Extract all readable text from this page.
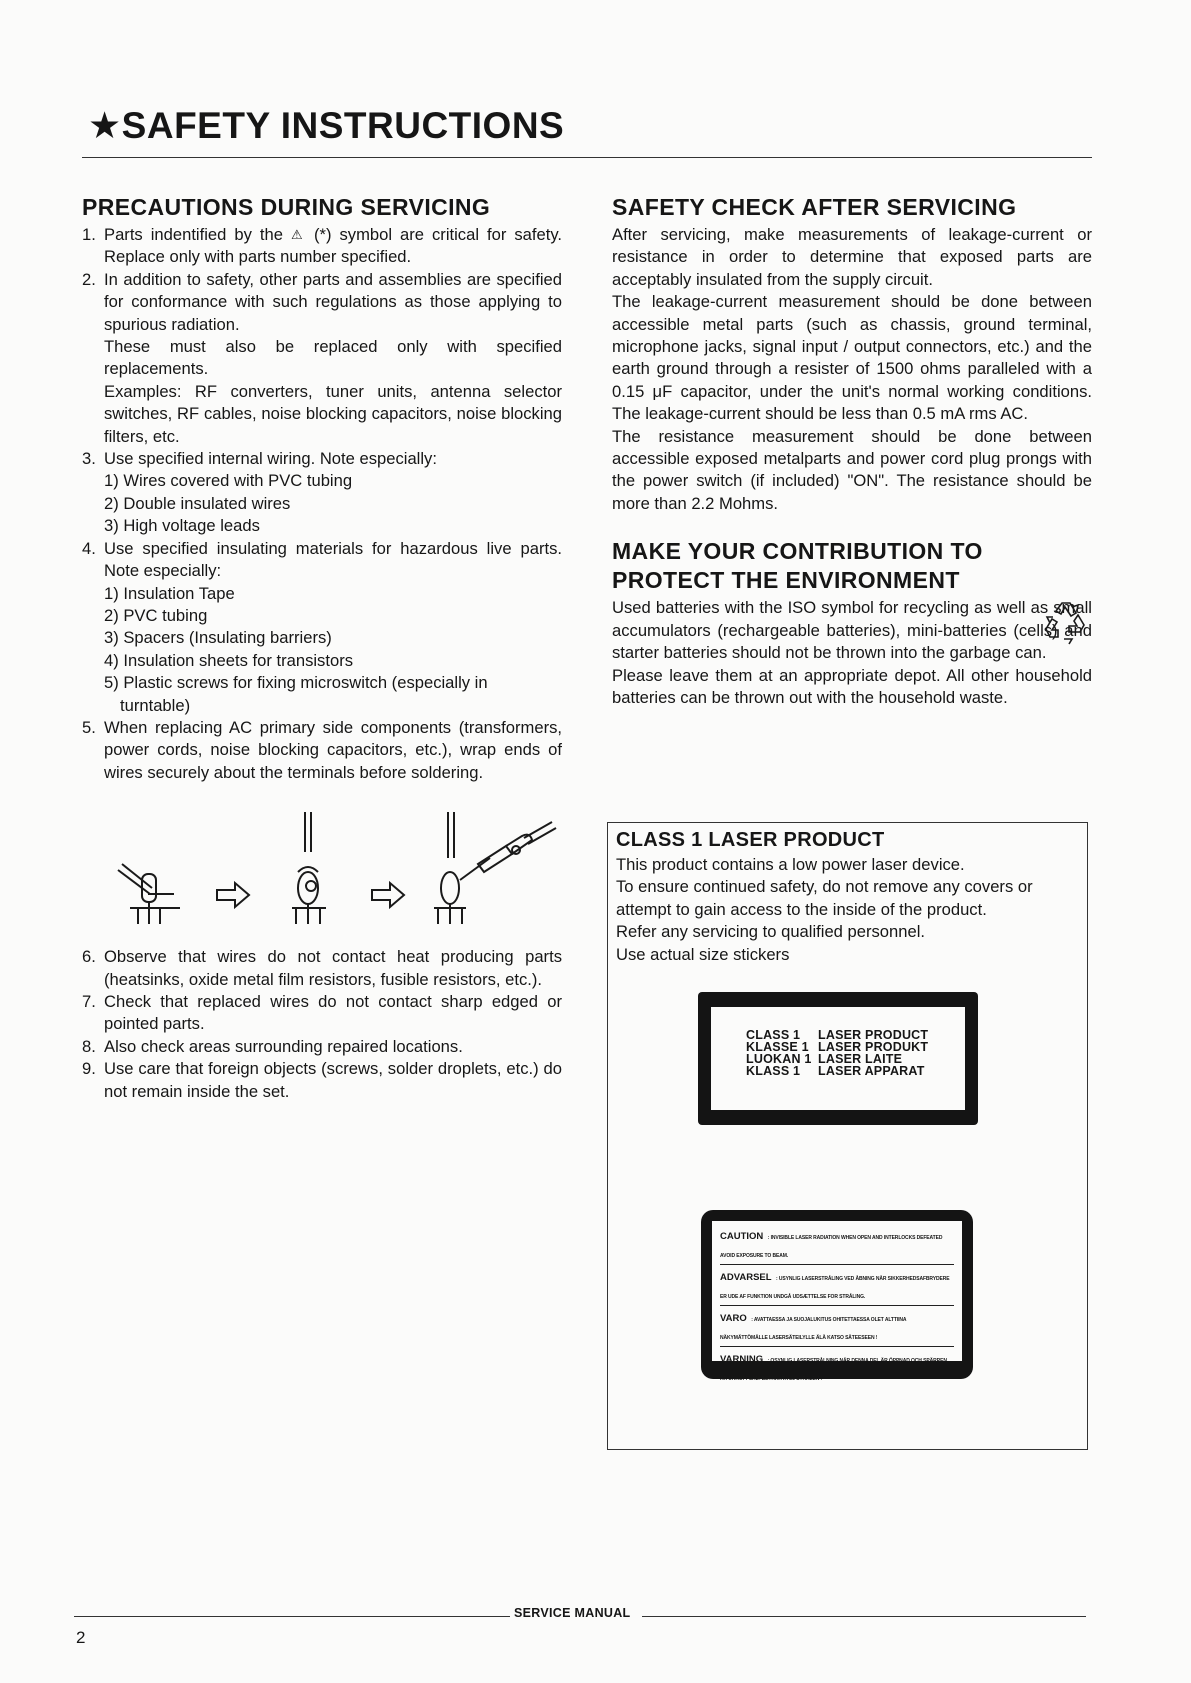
★SAFETY INSTRUCTIONS
PRECAUTIONS DURING SERVICING
1. Parts indentified by the ⚠ (*) symbol are critical for safety. Replace only with parts number specified.
2. In addition to safety, other parts and assemblies are specified for conformance with such regulations as those applying to spurious radiation.
These must also be replaced only with specified replacements.
Examples: RF converters, tuner units, antenna selector switches, RF cables, noise blocking capacitors, noise blocking filters, etc.
3. Use specified internal wiring. Note especially:
1) Wires covered with PVC tubing
2) Double insulated wires
3) High voltage leads
4. Use specified insulating materials for hazardous live parts. Note especially:
1) Insulation Tape
2) PVC tubing
3) Spacers (Insulating barriers)
4) Insulation sheets for transistors
5) Plastic screws for fixing microswitch (especially in turntable)
5. When replacing AC primary side components (transformers, power cords, noise blocking capacitors, etc.), wrap ends of wires securely about the terminals before soldering.
6. Observe that wires do not contact heat producing parts (heatsinks, oxide metal film resistors, fusible resistors, etc.).
7. Check that replaced wires do not contact sharp edged or pointed parts.
8. Also check areas surrounding repaired locations.
9. Use care that foreign objects (screws, solder droplets, etc.) do not remain inside the set.
SAFETY CHECK AFTER SERVICING

After servicing, make measurements of leakage-current or resistance in order to determine that exposed parts are acceptably insulated from the supply circuit.

The leakage-current measurement should be done between accessible metal parts (such as chassis, ground terminal, microphone jacks, signal input / output connectors, etc.) and the earth ground through a resister of 1500 ohms paralleled with a 0.15 μF capacitor, under the unit's normal working conditions. The leakage-current should be less than 0.5 mA rms AC.

The resistance measurement should be done between accessible exposed metalparts and power cord plug prongs with the power switch (if included) "ON". The resistance should be more than 2.2 Mohms.

MAKE YOUR CONTRIBUTION TO PROTECT THE ENVIRONMENT

Used batteries with the ISO symbol for recycling as well as small accumulators (rechargeable batteries), mini-batteries (cells) and starter batteries should not be thrown into the garbage can.

Please leave them at an appropriate depot. All other household batteries can be thrown out with the household waste.

CLASS 1 LASER PRODUCT
This product contains a low power laser device.
To ensure continued safety, do not remove any covers or attempt to gain access to the inside of the product.
Refer any servicing to qualified personnel.
Use actual size stickers
CLASS 1	LASER PRODUCT
KLASSE 1 LASER PRODUKT
LUOKAN 1 LASER LAITE
KLASS 1	LASER APPARAT
CAUTION : INVISIBLE LASER RADIATION WHEN OPEN AND INTERLOCKS DEFEATED AVOID EXPOSURE TO BEAM.
ADVARSEL : USYNLIG LASERSTRÅLING VED ÅBNING NÅR SIKKERHEDSAFBRYDERE ER UDE AF FUNKTION UNDGÅ UDSÆTTELSE FOR STRÅLING.
VARO : AVATTAESSA JA SUOJALUKITUS OHITETTAESSA OLET ALTTIINA NÄKYMÄTTÖMÄLLE LASERSÄTEILYLLE ÄLÄ KATSO SÄTEESEEN !
VARNING : OSYNLIG LASERSTRÅLNING NÄR DENNA DEL ÄR ÖPPNAD OCH SPÄRREN ÄR URKOPPLAD. BETRAKTA EJ STRÅLEN !
SERVICE MANUAL
2
